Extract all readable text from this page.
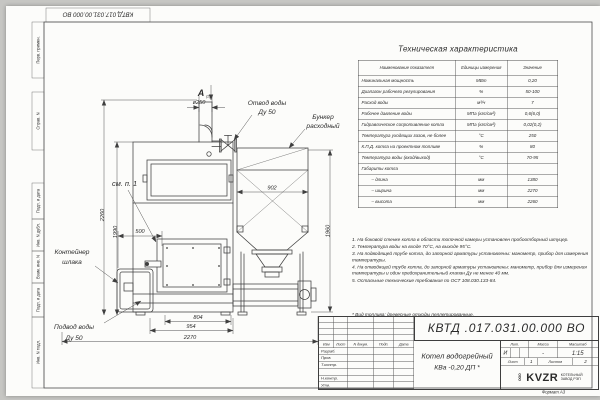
Перв. примен.
Справ. N
Подп. и дата
Инв. N дубл.
Взам. инв. N
Подп. и дата
Инв. N подл.
КВТД.017.031.00.000 ВО
A (2)
ø250
902
500
2260
1990	1960
804
954
2270
Отвод воды
Ду 50
Бункер
расходный
см. п. 1
Контейнер
шлака
Подвод воды
Ду 50
Техническая характеристика
Наименование показателя	Единицы измерения	Значение
Номинальная мощность	МВт	0,20
Диапазон рабочего регулирования	%	50-100
Расход воды	м³/ч	7
Рабочее давление воды	МПа (кгс/см²)	0,6(6,0)
Гидравлическое сопротивление котла	МПа (кгс/см²)	0,02(0,2)
Температура уходящих газов, не более	°С	250
К.П.Д. котла на проектном топливе	%	80
Температура воды (вход/выход)	°С	70-95
Габариты котла
– длина	мм	1380
– ширина	мм	2270
– высота	мм	2260
1. На боковой стенке котла в области топочной камеры установлен пробоотборный штуцер.
2. Температура воды на входе 70°С, на выходе 95°С.
3. На подводящей трубе котла, до запорной арматуры установлены: манометр, прибор для измерения температуры.
4. На отводящей трубе котла, до запорной арматуры установлены: манометр, прибор для измерения температуры и один предохранительный клапан Ду не менее 40 мм.
5. Остальные технические требования по ОСТ 108.030.133-84.
* Вид топлива: древесные отходы пеллетированные.
КВТД .017.031.00.000 ВО
Изм Лист	N докум.	Подп.	Дата
Разраб.
Пров.
Т.контр.
Н.контр.
Утв.
Котел водогрейный
КВа -0,20 ДП *
Лит.	Масса	Масштаб
И	-	1:15
Лист	1	Листов	2
ООО KVZR КОТЕЛЬНЫЙ
ЗАВОД РЭП
Формат А3
